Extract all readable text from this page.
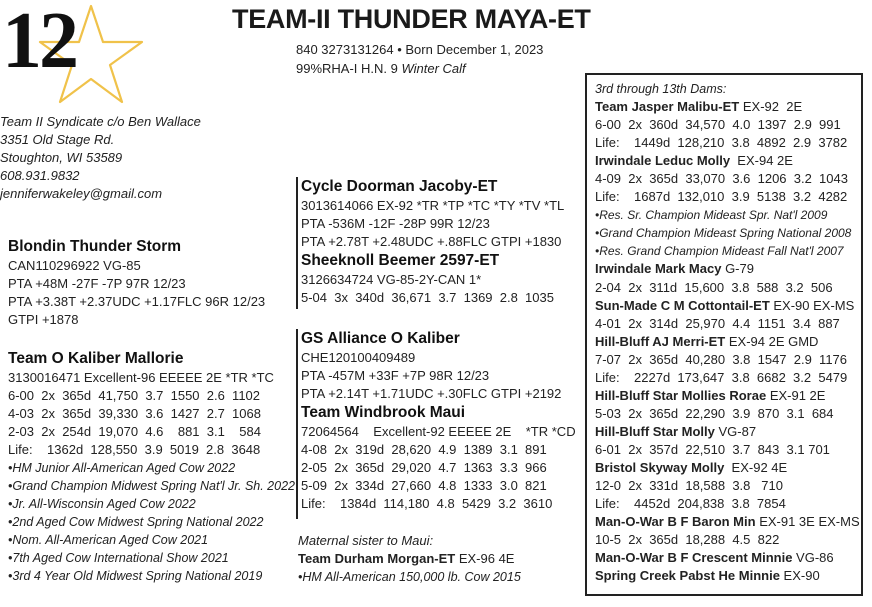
12	TEAM-II THUNDER MAYA-ET
840 3273131264 • Born December 1, 2023
99%RHA-I H.N. 9 Winter Calf
Team II Syndicate c/o Ben Wallace
3351 Old Stage Rd.
Stoughton, WI 53589
608.931.9832
jenniferwakeley@gmail.com
Blondin Thunder Storm
CAN110296922 VG-85
PTA +48M -27F -7P 97R 12/23
PTA +3.38T +2.37UDC +1.17FLC 96R 12/23
GTPI +1878
Team O Kaliber Mallorie
3130016471 Excellent-96 EEEEE 2E *TR *TC
6-00  2x  365d  41,750  3.7  1550  2.6  1102
4-03  2x  365d  39,330  3.6  1427  2.7  1068
2-03  2x  254d  19,070  4.6    881  3.1    584
Life:    1362d  128,550  3.9  5019  2.8  3648
•HM Junior All-American Aged Cow 2022
•Grand Champion Midwest Spring Nat'l Jr. Sh. 2022
•Jr. All-Wisconsin Aged Cow 2022
•2nd Aged Cow Midwest Spring National 2022
•Nom. All-American Aged Cow 2021
•7th Aged Cow International Show 2021
•3rd 4 Year Old Midwest Spring National 2019
Cycle Doorman Jacoby-ET
3013614066 EX-92 *TR *TP *TC *TY *TV *TL
PTA -536M -12F -28P 99R 12/23
PTA +2.78T +2.48UDC +.88FLC GTPI +1830
Sheeknoll Beemer 2597-ET
3126634724 VG-85-2Y-CAN 1*
5-04  3x  340d  36,671  3.7  1369  2.8  1035
GS Alliance O Kaliber
CHE120100409489
PTA -457M +33F +7P 98R 12/23
PTA +2.14T +1.71UDC +.30FLC GTPI +2192
Team Windbrook Maui
72064564    Excellent-92 EEEEE 2E    *TR *CD
4-08  2x  319d  28,620  4.9  1389  3.1  891
2-05  2x  365d  29,020  4.7  1363  3.3  966
5-09  2x  334d  27,660  4.8  1333  3.0  821
Life:    1384d  114,180  4.8  5429  3.2  3610
Maternal sister to Maui:
Team Durham Morgan-ET EX-96 4E
•HM All-American 150,000 lb. Cow 2015
3rd through 13th Dams:
Team Jasper Malibu-ET EX-92  2E
6-00  2x  360d  34,570  4.0  1397  2.9  991
Life:    1449d  128,210  3.8  4892  2.9  3782
Irwindale Leduc Molly  EX-94 2E
4-09  2x  365d  33,070  3.6  1206  3.2  1043
Life:    1687d  132,010  3.9  5138  3.2  4282
•Res. Sr. Champion Mideast Spr. Nat'l 2009
•Grand Champion Mideast Spring National 2008
•Res. Grand Champion Mideast Fall Nat'l 2007
Irwindale Mark Macy G-79
2-04  2x  311d  15,600  3.8  588  3.2  506
Sun-Made C M Cottontail-ET EX-90 EX-MS
4-01  2x  314d  25,970  4.4  1151  3.4  887
Hill-Bluff AJ Merri-ET EX-94 2E GMD
7-07  2x  365d  40,280  3.8  1547  2.9  1176
Life:    2227d  173,647  3.8  6682  3.2  5479
Hill-Bluff Star Mollies Rorae EX-91 2E
5-03  2x  365d  22,290  3.9  870  3.1  684
Hill-Bluff Star Molly VG-87
6-01  2x  357d  22,510  3.7  843  3.1 701
Bristol Skyway Molly  EX-92 4E
12-0  2x  331d  18,588  3.8   710
Life:    4452d  204,838  3.8  7854
Man-O-War B F Baron Min EX-91 3E EX-MS
10-5  2x  365d  18,288  4.5  822
Man-O-War B F Crescent Minnie VG-86
Spring Creek Pabst He Minnie EX-90
